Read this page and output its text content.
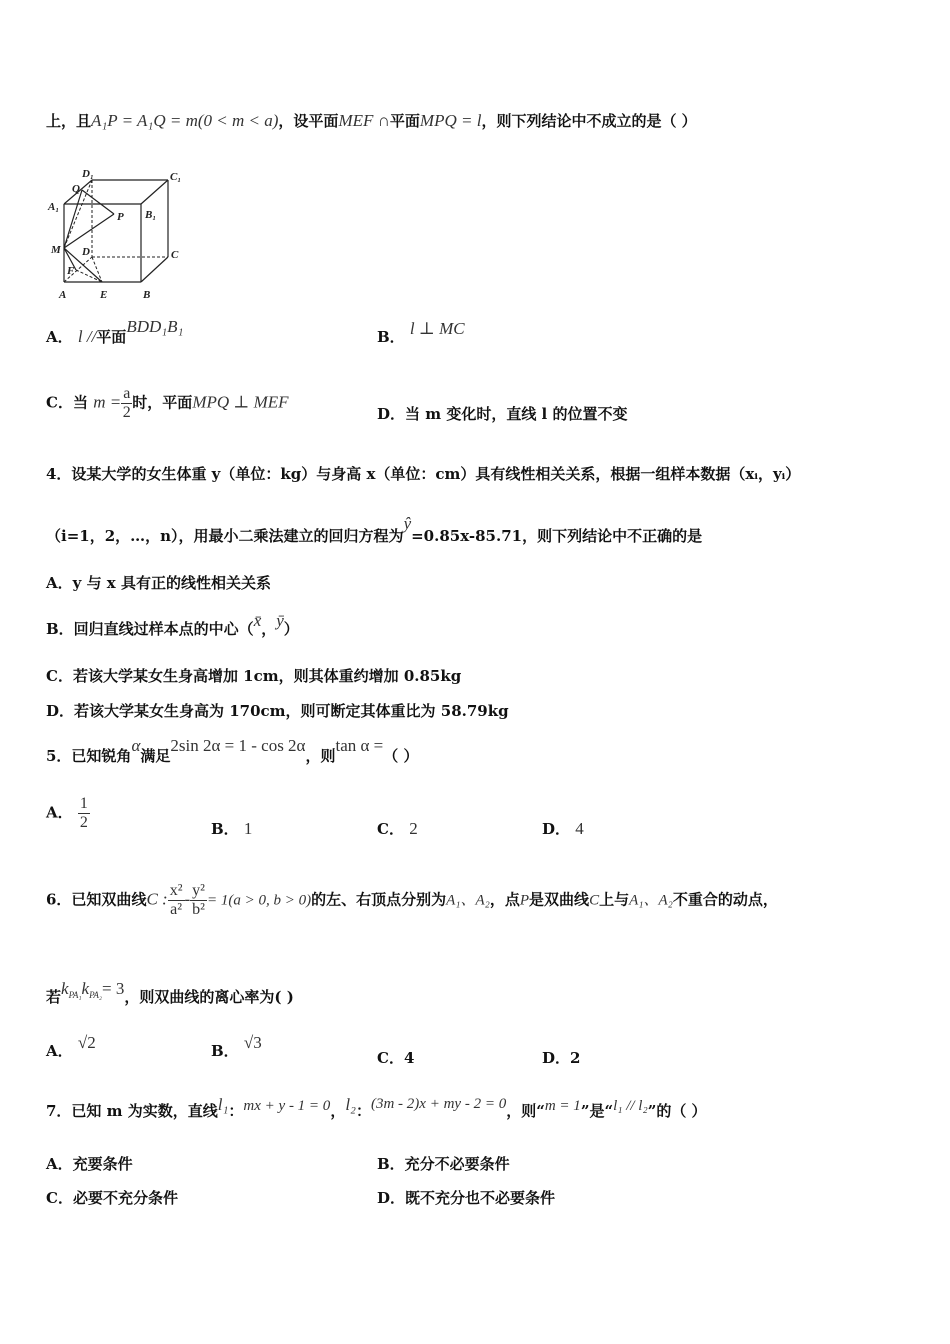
上，且A₁P = A₁Q = m(0 < m < a)，设平面MEF ∩平面MPQ = l，则下列结论中不成立的是（ ）
D₁	C₁
Q
A₁
P B₁
M D	C
F
A	E	B
A． l //平面BDD₁B₁
B． l ⊥ MC
C．当 $m = \frac{a}{2}$ 时，平面MPQ ⊥ MEF
D．当 m 变化时，直线 l 的位置不变
4．设某大学的女生体重 y（单位：kg）与身高 x（单位：cm）具有线性相关关系，根据一组样本数据（xᵢ，yᵢ）
（i=1，2，…，n），用最小二乘法建立的回归方程为ŷ=0.85x-85.71，则下列结论中不正确的是
A．y 与 x 具有正的线性相关关系
B．回归直线过样本点的中心（x̄，ȳ）
C．若该大学某女生身高增加 1cm，则其体重约增加 0.85kg
D．若该大学某女生身高为 170cm，则可断定其体重比为 58.79kg
5．已知锐角α满足2sin 2α = 1 - cos 2α，则tan α =（ ）
A． $\frac{1}{2}$	B． 1	C． 2	D． 4
6．已知双曲线C : $\frac{\text{x²}}{\text{a²}} - \frac{\text{y²}}{\text{b²}} = 1(a > 0$, b > 0)的左、右顶点分别为A₁、A₂，点P是双曲线C上与A₁、A₂不重合的动点，
若$k_{PA_1}k_{PA_2}= 3$，则双曲线的离心率为( )
A． √2	B． √3
C．4	D．2
7．已知 m 为实数，直线l₁：mx + y - 1 = 0，l₂：(3m - 2)x + my - 2 = 0，则“m = 1”是“l₁ // l₂”的（ ）
A．充要条件	B．充分不必要条件
C．必要不充分条件	D．既不充分也不必要条件
